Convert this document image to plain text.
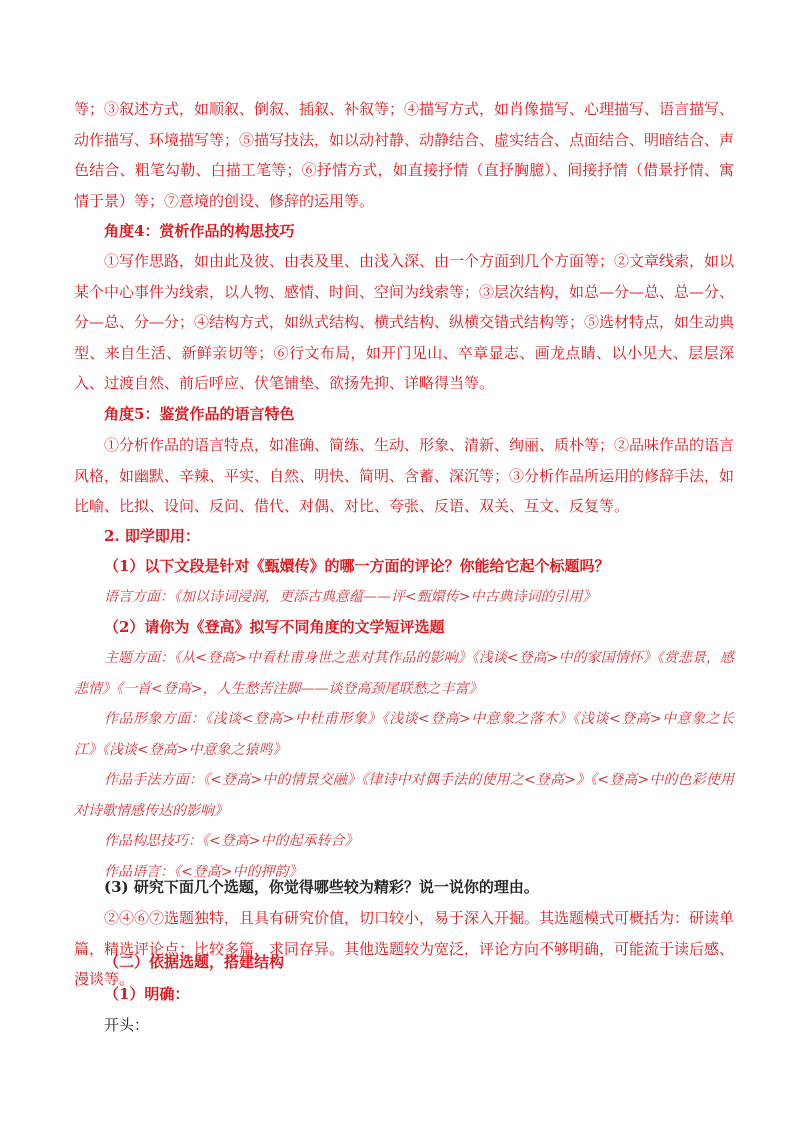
等；③叙述方式，如顺叙、倒叙、插叙、补叙等；④描写方式，如肖像描写、心理描写、语言描写、动作描写、环境描写等；⑤描写技法，如以动衬静、动静结合、虚实结合、点面结合、明暗结合、声色结合、粗笔勾勒、白描工笔等；⑥抒情方式，如直接抒情（直抒胸臆）、间接抒情（借景抒情、寓情于景）等；⑦意境的创设、修辞的运用等。
角度4：赏析作品的构思技巧
①写作思路，如由此及彼、由表及里、由浅入深、由一个方面到几个方面等；②文章线索，如以某个中心事件为线索，以人物、感情、时间、空间为线索等；③层次结构，如总—分—总、总—分、分—总、分—分；④结构方式，如纵式结构、横式结构、纵横交错式结构等；⑤选材特点，如生动典型、来自生活、新鲜亲切等；⑥行文布局，如开门见山、卒章显志、画龙点睛、以小见大、层层深入、过渡自然、前后呼应、伏笔铺垫、欲扬先抑、详略得当等。
角度5：鉴赏作品的语言特色
①分析作品的语言特点，如准确、简练、生动、形象、清新、绚丽、质朴等；②品味作品的语言风格，如幽默、辛辣、平实、自然、明快、简明、含蓄、深沉等；③分析作品所运用的修辞手法，如比喻、比拟、设问、反问、借代、对偶、对比、夸张、反语、双关、互文、反复等。
2. 即学即用：
（1）以下文段是针对《甄嬛传》的哪一方面的评论？你能给它起个标题吗？
语言方面：《加以诗词浸润，更添古典意蕴——评<甄嬛传>中古典诗词的引用》
（2）请你为《登高》拟写不同角度的文学短评选题
主题方面：《从<登高>中看杜甫身世之悲对其作品的影响》《浅谈<登高>中的家国情怀》《赏悲景，感悲情》《一首<登高>，人生愁苦注脚——谈登高颈尾联愁之丰富》
作品形象方面：《浅谈<登高>中杜甫形象》《浅谈<登高>中意象之落木》《浅谈<登高>中意象之长江》《浅谈<登高>中意象之猿鸣》
作品手法方面：《<登高>中的情景交融》《律诗中对偶手法的使用之<登高>》《<登高>中的色彩使用对诗歌情感传达的影响》
作品构思技巧：《<登高>中的起承转合》
作品语言：《<登高>中的押韵》
(3) 研究下面几个选题，你觉得哪些较为精彩？说一说你的理由。
②④⑥⑦选题独特，且具有研究价值，切口较小，易于深入开掘。其选题模式可概括为：研读单篇，精选评论点；比较多篇，求同存异。其他选题较为宽泛，评论方向不够明确，可能流于读后感、漫谈等。
（二）依据选题，搭建结构
（1）明确：
开头：
